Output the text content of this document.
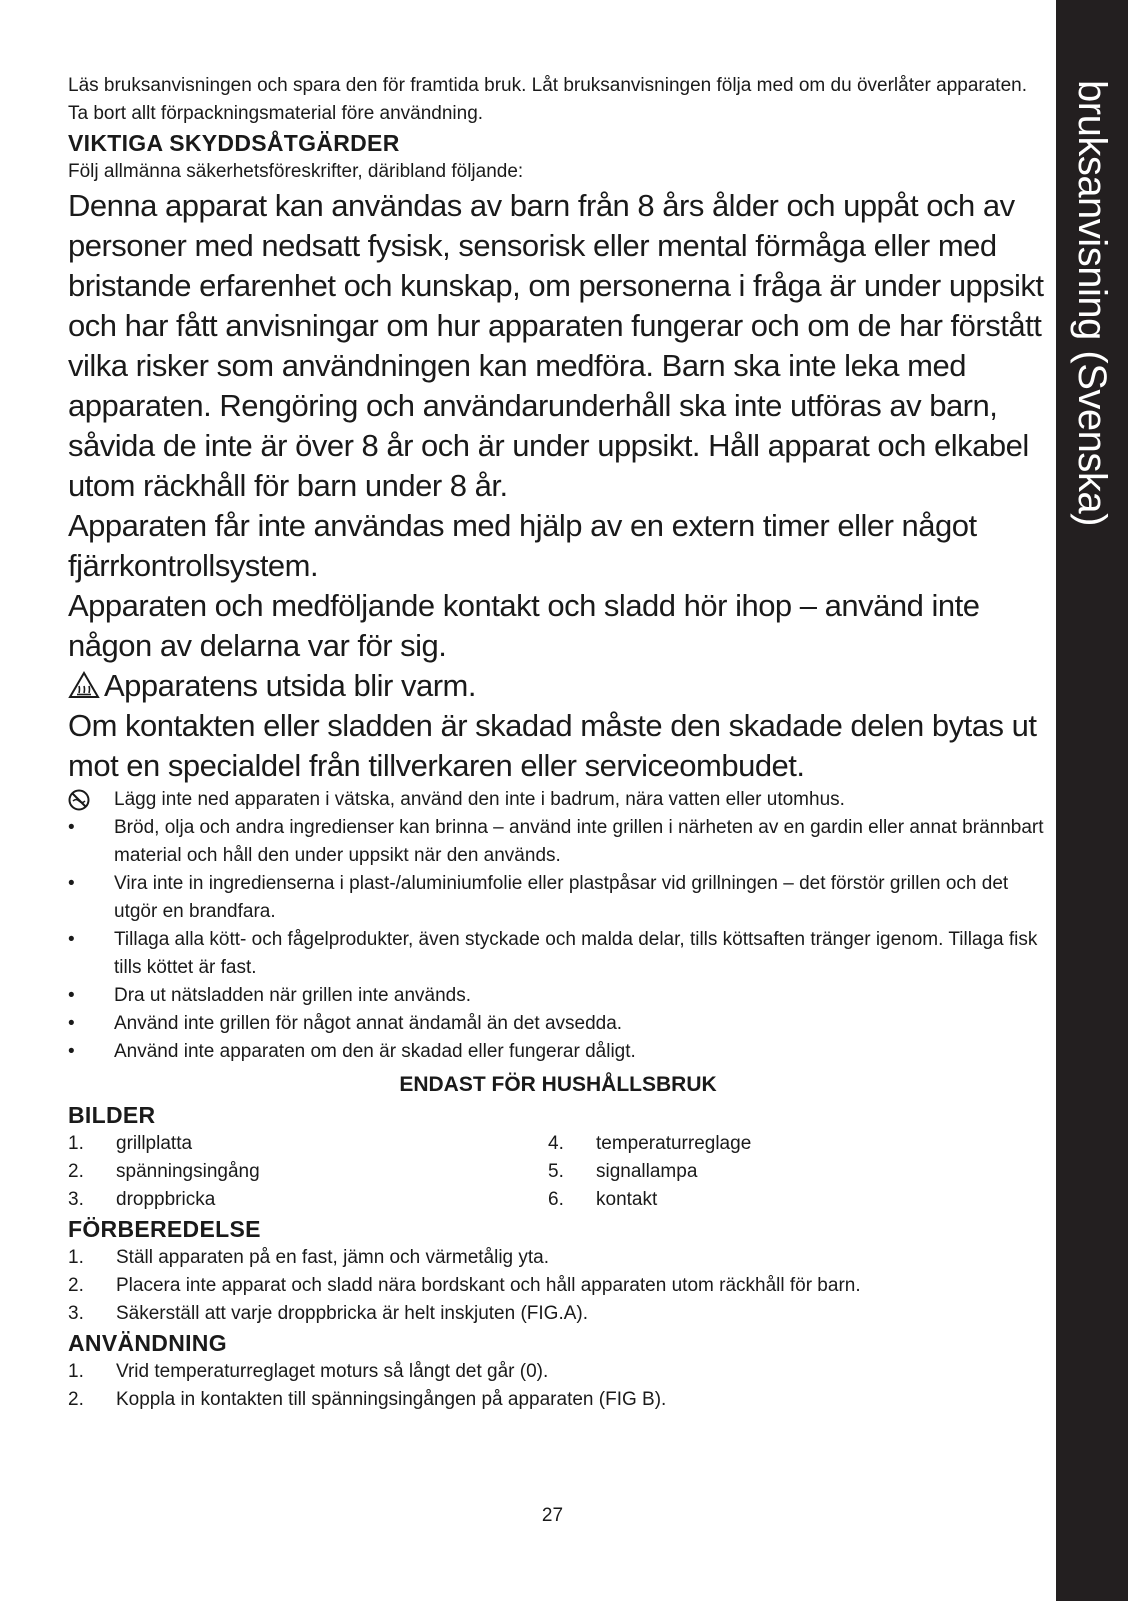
bruksanvisning (Svenska)

Läs bruksanvisningen och spara den för framtida bruk. Låt bruksanvisningen följa med om du överlåter apparaten. Ta bort allt förpackningsmaterial före användning.

VIKTIGA SKYDDSÅTGÄRDER

Följ allmänna säkerhetsföreskrifter, däribland följande:

Denna apparat kan användas av barn från 8 års ålder och uppåt och av personer med nedsatt fysisk, sensorisk eller mental förmåga eller med bristande erfarenhet och kunskap, om personerna i fråga är under uppsikt och har fått anvisningar om hur apparaten fungerar och om de har förstått vilka risker som användningen kan medföra. Barn ska inte leka med apparaten. Rengöring och användarunderhåll ska inte utföras av barn, såvida de inte är över 8 år och är under uppsikt. Håll apparat och elkabel utom räckhåll för barn under 8 år.

Apparaten får inte användas med hjälp av en extern timer eller något fjärrkontrollsystem.

Apparaten och medföljande kontakt och sladd hör ihop – använd inte någon av delarna var för sig.

Apparatens utsida blir varm.

Om kontakten eller sladden är skadad måste den skadade delen bytas ut mot en specialdel från tillverkaren eller serviceombudet.

Lägg inte ned apparaten i vätska, använd den inte i badrum, nära vatten eller utomhus.
•	Bröd, olja och andra ingredienser kan brinna – använd inte grillen i närheten av en gardin eller annat brännbart material och håll den under uppsikt när den används.
•	Vira inte in ingredienserna i plast-/aluminiumfolie eller plastpåsar vid grillningen – det förstör grillen och det utgör en brandfara.
•	Tillaga alla kött- och fågelprodukter, även styckade och malda delar, tills köttsaften tränger igenom. Tillaga fisk tills köttet är fast.
•	Dra ut nätsladden när grillen inte används.
•	Använd inte grillen för något annat ändamål än det avsedda.
•	Använd inte apparaten om den är skadad eller fungerar dåligt.

ENDAST FÖR HUSHÅLLSBRUK

BILDER
1.	grillplatta
2.	spänningsingång
3.	droppbricka
4.	temperaturreglage
5.	signallampa
6.	kontakt
FÖRBEREDELSE
1.	Ställ apparaten på en fast, jämn och värmetålig yta.
2.	Placera inte apparat och sladd nära bordskant och håll apparaten utom räckhåll för barn.
3.	Säkerställ att varje droppbricka är helt inskjuten (FIG.A).
ANVÄNDNING
1.	Vrid temperaturreglaget moturs så långt det går (0).
2.	Koppla in kontakten till spänningsingången på apparaten (FIG B).
27
